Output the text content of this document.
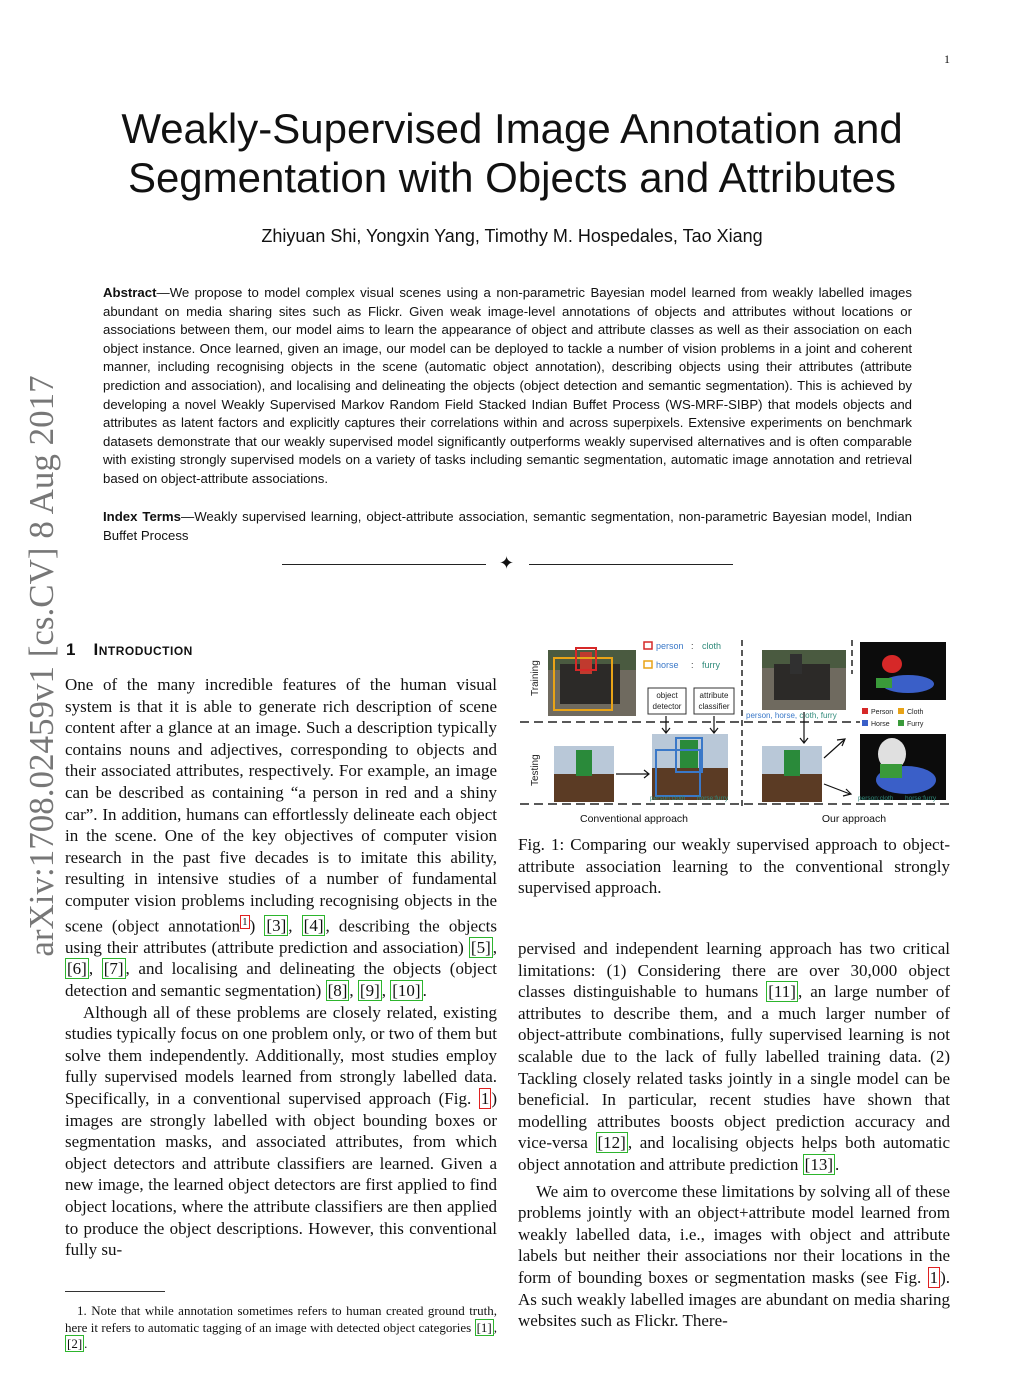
1
Weakly-Supervised Image Annotation and Segmentation with Objects and Attributes
Zhiyuan Shi, Yongxin Yang, Timothy M. Hospedales, Tao Xiang
Abstract—We propose to model complex visual scenes using a non-parametric Bayesian model learned from weakly labelled images abundant on media sharing sites such as Flickr. Given weak image-level annotations of objects and attributes without locations or associations between them, our model aims to learn the appearance of object and attribute classes as well as their association on each object instance. Once learned, given an image, our model can be deployed to tackle a number of vision problems in a joint and coherent manner, including recognising objects in the scene (automatic object annotation), describing objects using their attributes (attribute prediction and association), and localising and delineating the objects (object detection and semantic segmentation). This is achieved by developing a novel Weakly Supervised Markov Random Field Stacked Indian Buffet Process (WS-MRF-SIBP) that models objects and attributes as latent factors and explicitly captures their correlations within and across superpixels. Extensive experiments on benchmark datasets demonstrate that our weakly supervised model significantly outperforms weakly supervised alternatives and is often comparable with existing strongly supervised models on a variety of tasks including semantic segmentation, automatic image annotation and retrieval based on object-attribute associations.
Index Terms—Weakly supervised learning, object-attribute association, semantic segmentation, non-parametric Bayesian model, Indian Buffet Process
✦
arXiv:1708.02459v1 [cs.CV] 8 Aug 2017 1 Introduction

One of the many incredible features of the human visual system is that it is able to generate rich description of scene content after a glance at an image. Such a description typically contains nouns and adjectives, corresponding to objects and their associated attributes, respectively. For example, an image can be described as containing “a person in red and a shiny car”. In addition, humans can effortlessly delineate each object in the scene. One of the key objectives of computer vision research in the past five decades is to imitate this ability, resulting in intensive studies of a number of fundamental computer vision problems including recognising objects in the scene (object annotation $^1$ ) [3] , [4] , describing the objects using their attributes (attribute prediction and association) [5] , [6] , [7] , and localising and delineating the objects (object detection and semantic segmentation) [8] , [9] , [10] .

Although all of these problems are closely related, existing studies typically focus on one problem only, or two of them but solve them independently. Additionally, most studies employ fully supervised models learned from strongly labelled data. Specifically, in a conventional supervised approach (Fig. 1 ) images are strongly labelled with object bounding boxes or segmentation masks, and associated attributes, from which object detectors and attribute classifiers are learned. Given a new image, the learned object detectors are first applied to find object locations, where the attribute classifiers are then applied to produce the object descriptions. However, this conventional fully su-

1. Note that while annotation sometimes refers to human created ground truth, here it refers to automatic tagging of an image with detected object categories [1] , [2] .
person : cloth
horse : furry
Training
Testing
object
detector
attribute
classifier
person, horse, cloth, furry	Person Cloth
Horse Furry
person:cloth horse:furry	person:cloth horse:furry
Conventional approach	Our approach
Fig. 1: Comparing our weakly supervised approach to object-attribute association learning to the conventional strongly supervised approach.

pervised and independent learning approach has two critical limitations: (1) Considering there are over 30,000 object classes distinguishable to humans [11] , an large number of attributes to describe them, and a much larger number of object-attribute combinations, fully supervised learning is not scalable due to the lack of fully labelled training data. (2) Tackling closely related tasks jointly in a single model can be beneficial. In particular, recent studies have shown that modelling attributes boosts object prediction accuracy and vice-versa [12] , and localising objects helps both automatic object annotation and attribute prediction [13] .

We aim to overcome these limitations by solving all of these problems jointly with an object+attribute model learned from weakly labelled data, i.e., images with object and attribute labels but neither their associations nor their locations in the form of bounding boxes or segmentation masks (see Fig. 1 ). As such weakly labelled images are abundant on media sharing websites such as Flickr. There-
